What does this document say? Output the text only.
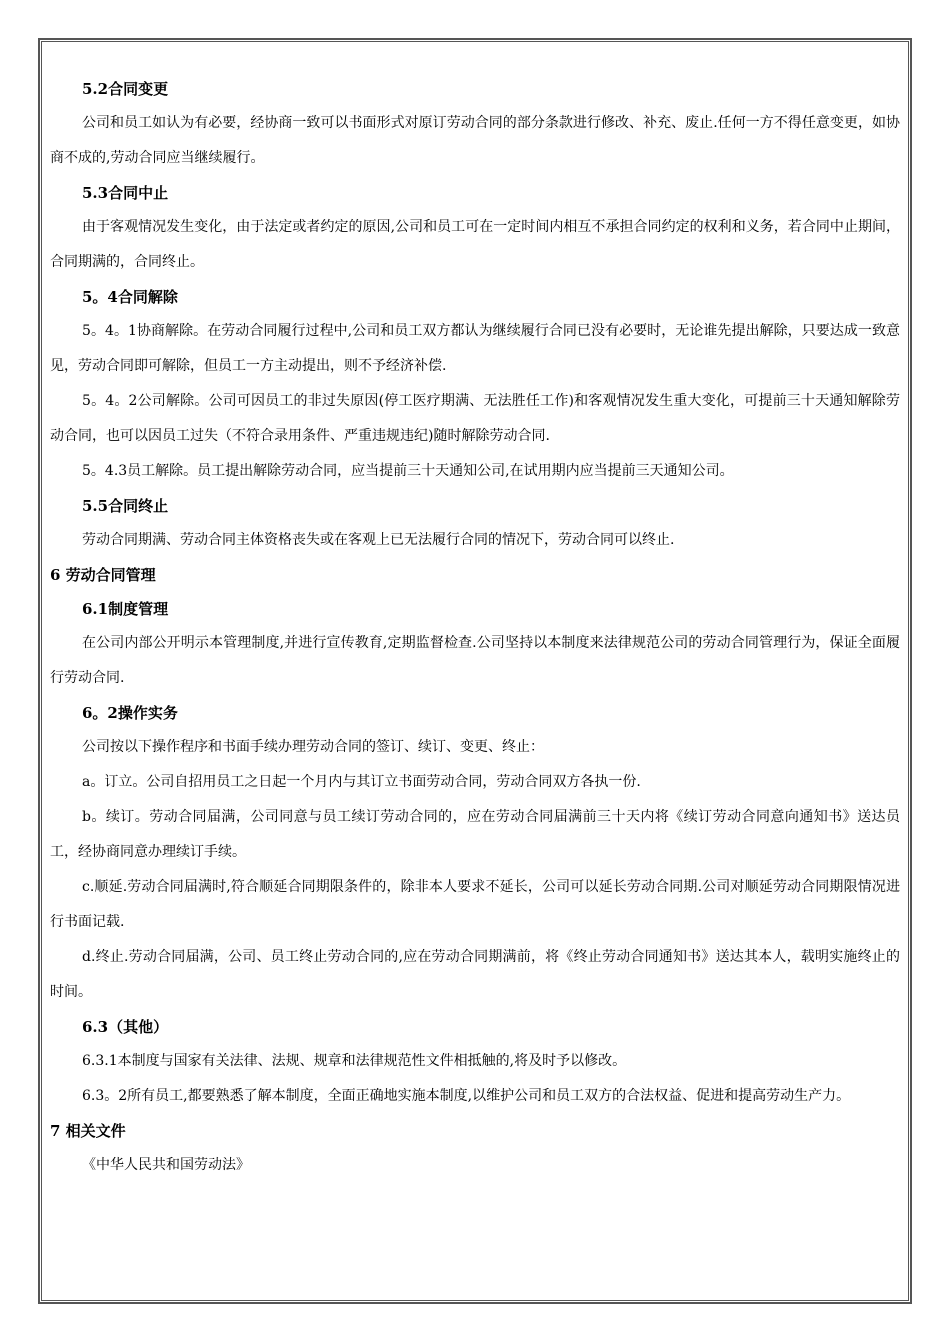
5.2合同变更
公司和员工如认为有必要，经协商一致可以书面形式对原订劳动合同的部分条款进行修改、补充、废止.任何一方不得任意变更，如协商不成的,劳动合同应当继续履行。
5.3合同中止
由于客观情况发生变化，由于法定或者约定的原因,公司和员工可在一定时间内相互不承担合同约定的权利和义务，若合同中止期间，合同期满的，合同终止。
5。4合同解除
5。4。1协商解除。在劳动合同履行过程中,公司和员工双方都认为继续履行合同已没有必要时，无论谁先提出解除，只要达成一致意见，劳动合同即可解除，但员工一方主动提出，则不予经济补偿.
5。4。2公司解除。公司可因员工的非过失原因(停工医疗期满、无法胜任工作)和客观情况发生重大变化，可提前三十天通知解除劳动合同，也可以因员工过失（不符合录用条件、严重违规违纪)随时解除劳动合同.
5。4.3员工解除。员工提出解除劳动合同，应当提前三十天通知公司,在试用期内应当提前三天通知公司。
5.5合同终止
劳动合同期满、劳动合同主体资格丧失或在客观上已无法履行合同的情况下，劳动合同可以终止.
6 劳动合同管理
6.1制度管理
在公司内部公开明示本管理制度,并进行宣传教育,定期监督检查.公司坚持以本制度来法律规范公司的劳动合同管理行为，保证全面履行劳动合同.
6。2操作实务
公司按以下操作程序和书面手续办理劳动合同的签订、续订、变更、终止：
a。订立。公司自招用员工之日起一个月内与其订立书面劳动合同，劳动合同双方各执一份.
b。续订。劳动合同届满，公司同意与员工续订劳动合同的，应在劳动合同届满前三十天内将《续订劳动合同意向通知书》送达员工，经协商同意办理续订手续。
c.顺延.劳动合同届满时,符合顺延合同期限条件的，除非本人要求不延长，公司可以延长劳动合同期.公司对顺延劳动合同期限情况进行书面记载.
d.终止.劳动合同届满，公司、员工终止劳动合同的,应在劳动合同期满前，将《终止劳动合同通知书》送达其本人，载明实施终止的时间。
6.3（其他）
6.3.1本制度与国家有关法律、法规、规章和法律规范性文件相抵触的,将及时予以修改。
6.3。2所有员工,都要熟悉了解本制度，全面正确地实施本制度,以维护公司和员工双方的合法权益、促进和提高劳动生产力。
7 相关文件
《中华人民共和国劳动法》
